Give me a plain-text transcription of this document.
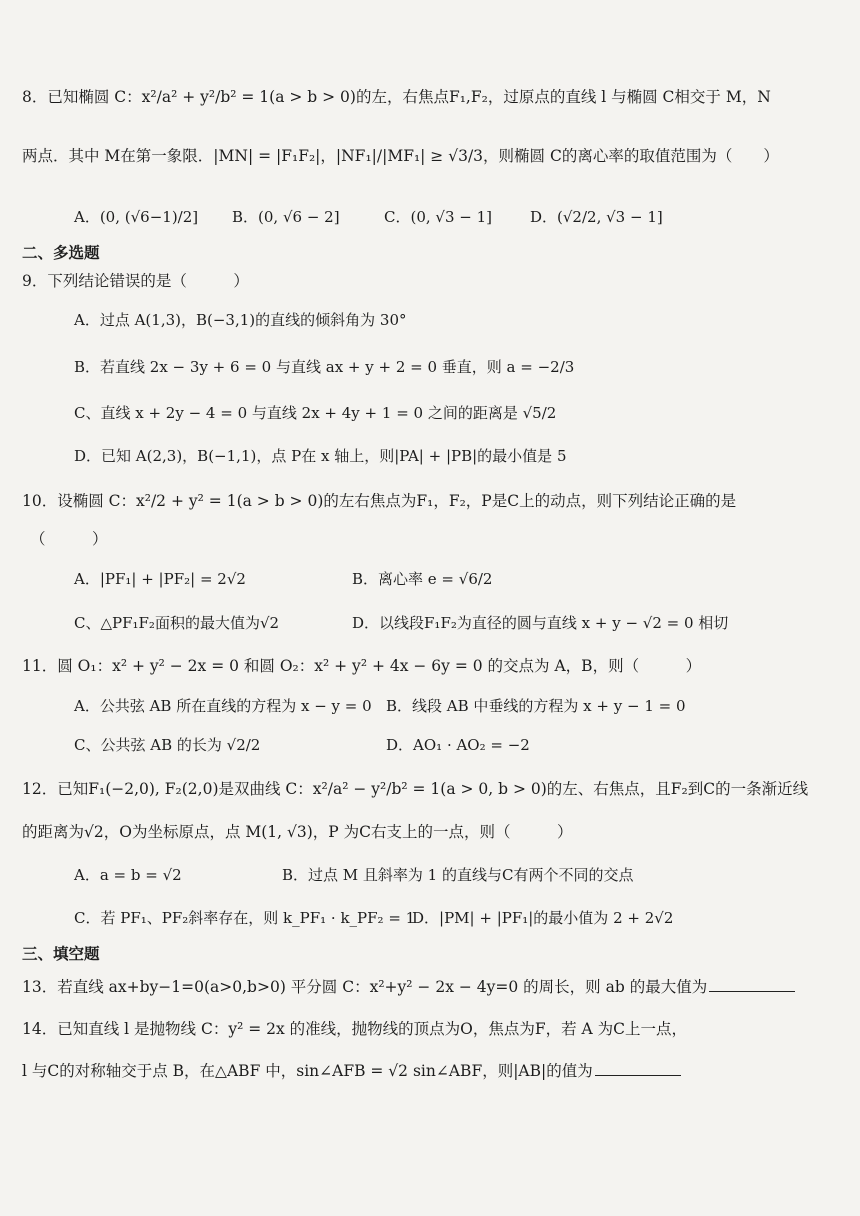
8．已知椭圆 C：x²/a² + y²/b² = 1(a > b > 0)的左，右焦点F₁,F₂，过原点的直线 l 与椭圆 C相交于 M，N
两点．其中 M在第一象限．|MN| = |F₁F₂|，|NF₁|/|MF₁| ≥ √3/3，则椭圆 C的离心率的取值范围为（　　）
A．(0, (√6−1)/2] B．(0, √6 − 2]	C．(0, √3 − 1]	D．(√2/2, √3 − 1]
二、多选题
9．下列结论错误的是（　　　）
A．过点 A(1,3)，B(−3,1)的直线的倾斜角为 30°
B．若直线 2x − 3y + 6 = 0 与直线 ax + y + 2 = 0 垂直，则 a = −2/3
C、直线 x + 2y − 4 = 0 与直线 2x + 4y + 1 = 0 之间的距离是 √5/2
D．已知 A(2,3)，B(−1,1)，点 P在 x 轴上，则|PA| + |PB|的最小值是 5
10．设椭圆 C：x²/2 + y² = 1(a > b > 0)的左右焦点为F₁，F₂，P是C上的动点，则下列结论正确的是
（　　　）
A．|PF₁| + |PF₂| = 2√2	B．离心率 e = √6/2
C、△PF₁F₂面积的最大值为√2	D．以线段F₁F₂为直径的圆与直线 x + y − √2 = 0 相切
11．圆 O₁：x² + y² − 2x = 0 和圆 O₂：x² + y² + 4x − 6y = 0 的交点为 A，B，则（　　　）
A．公共弦 AB 所在直线的方程为 x − y = 0 B．线段 AB 中垂线的方程为 x + y − 1 = 0
C、公共弦 AB 的长为 √2/2	D．AO₁ · AO₂ = −2
12．已知F₁(−2,0), F₂(2,0)是双曲线 C：x²/a² − y²/b² = 1(a > 0, b > 0)的左、右焦点，且F₂到C的一条渐近线
的距离为√2，O为坐标原点，点 M(1, √3)，P 为C右支上的一点，则（　　　）
A．a = b = √2	B．过点 M 且斜率为 1 的直线与C有两个不同的交点
C．若 PF₁、PF₂斜率存在，则 k_PF₁ · k_PF₂ = 1
D．|PM| + |PF₁|的最小值为 2 + 2√2
三、填空题
13．若直线 ax+by−1=0(a>0,b>0) 平分圆 C：x²+y² − 2x − 4y=0 的周长，则 ab 的最大值为
14．已知直线 l 是抛物线 C：y² = 2x 的准线，抛物线的顶点为O，焦点为F，若 A 为C上一点，
l 与C的对称轴交于点 B，在△ABF 中，sin∠AFB = √2 sin∠ABF，则|AB|的值为
